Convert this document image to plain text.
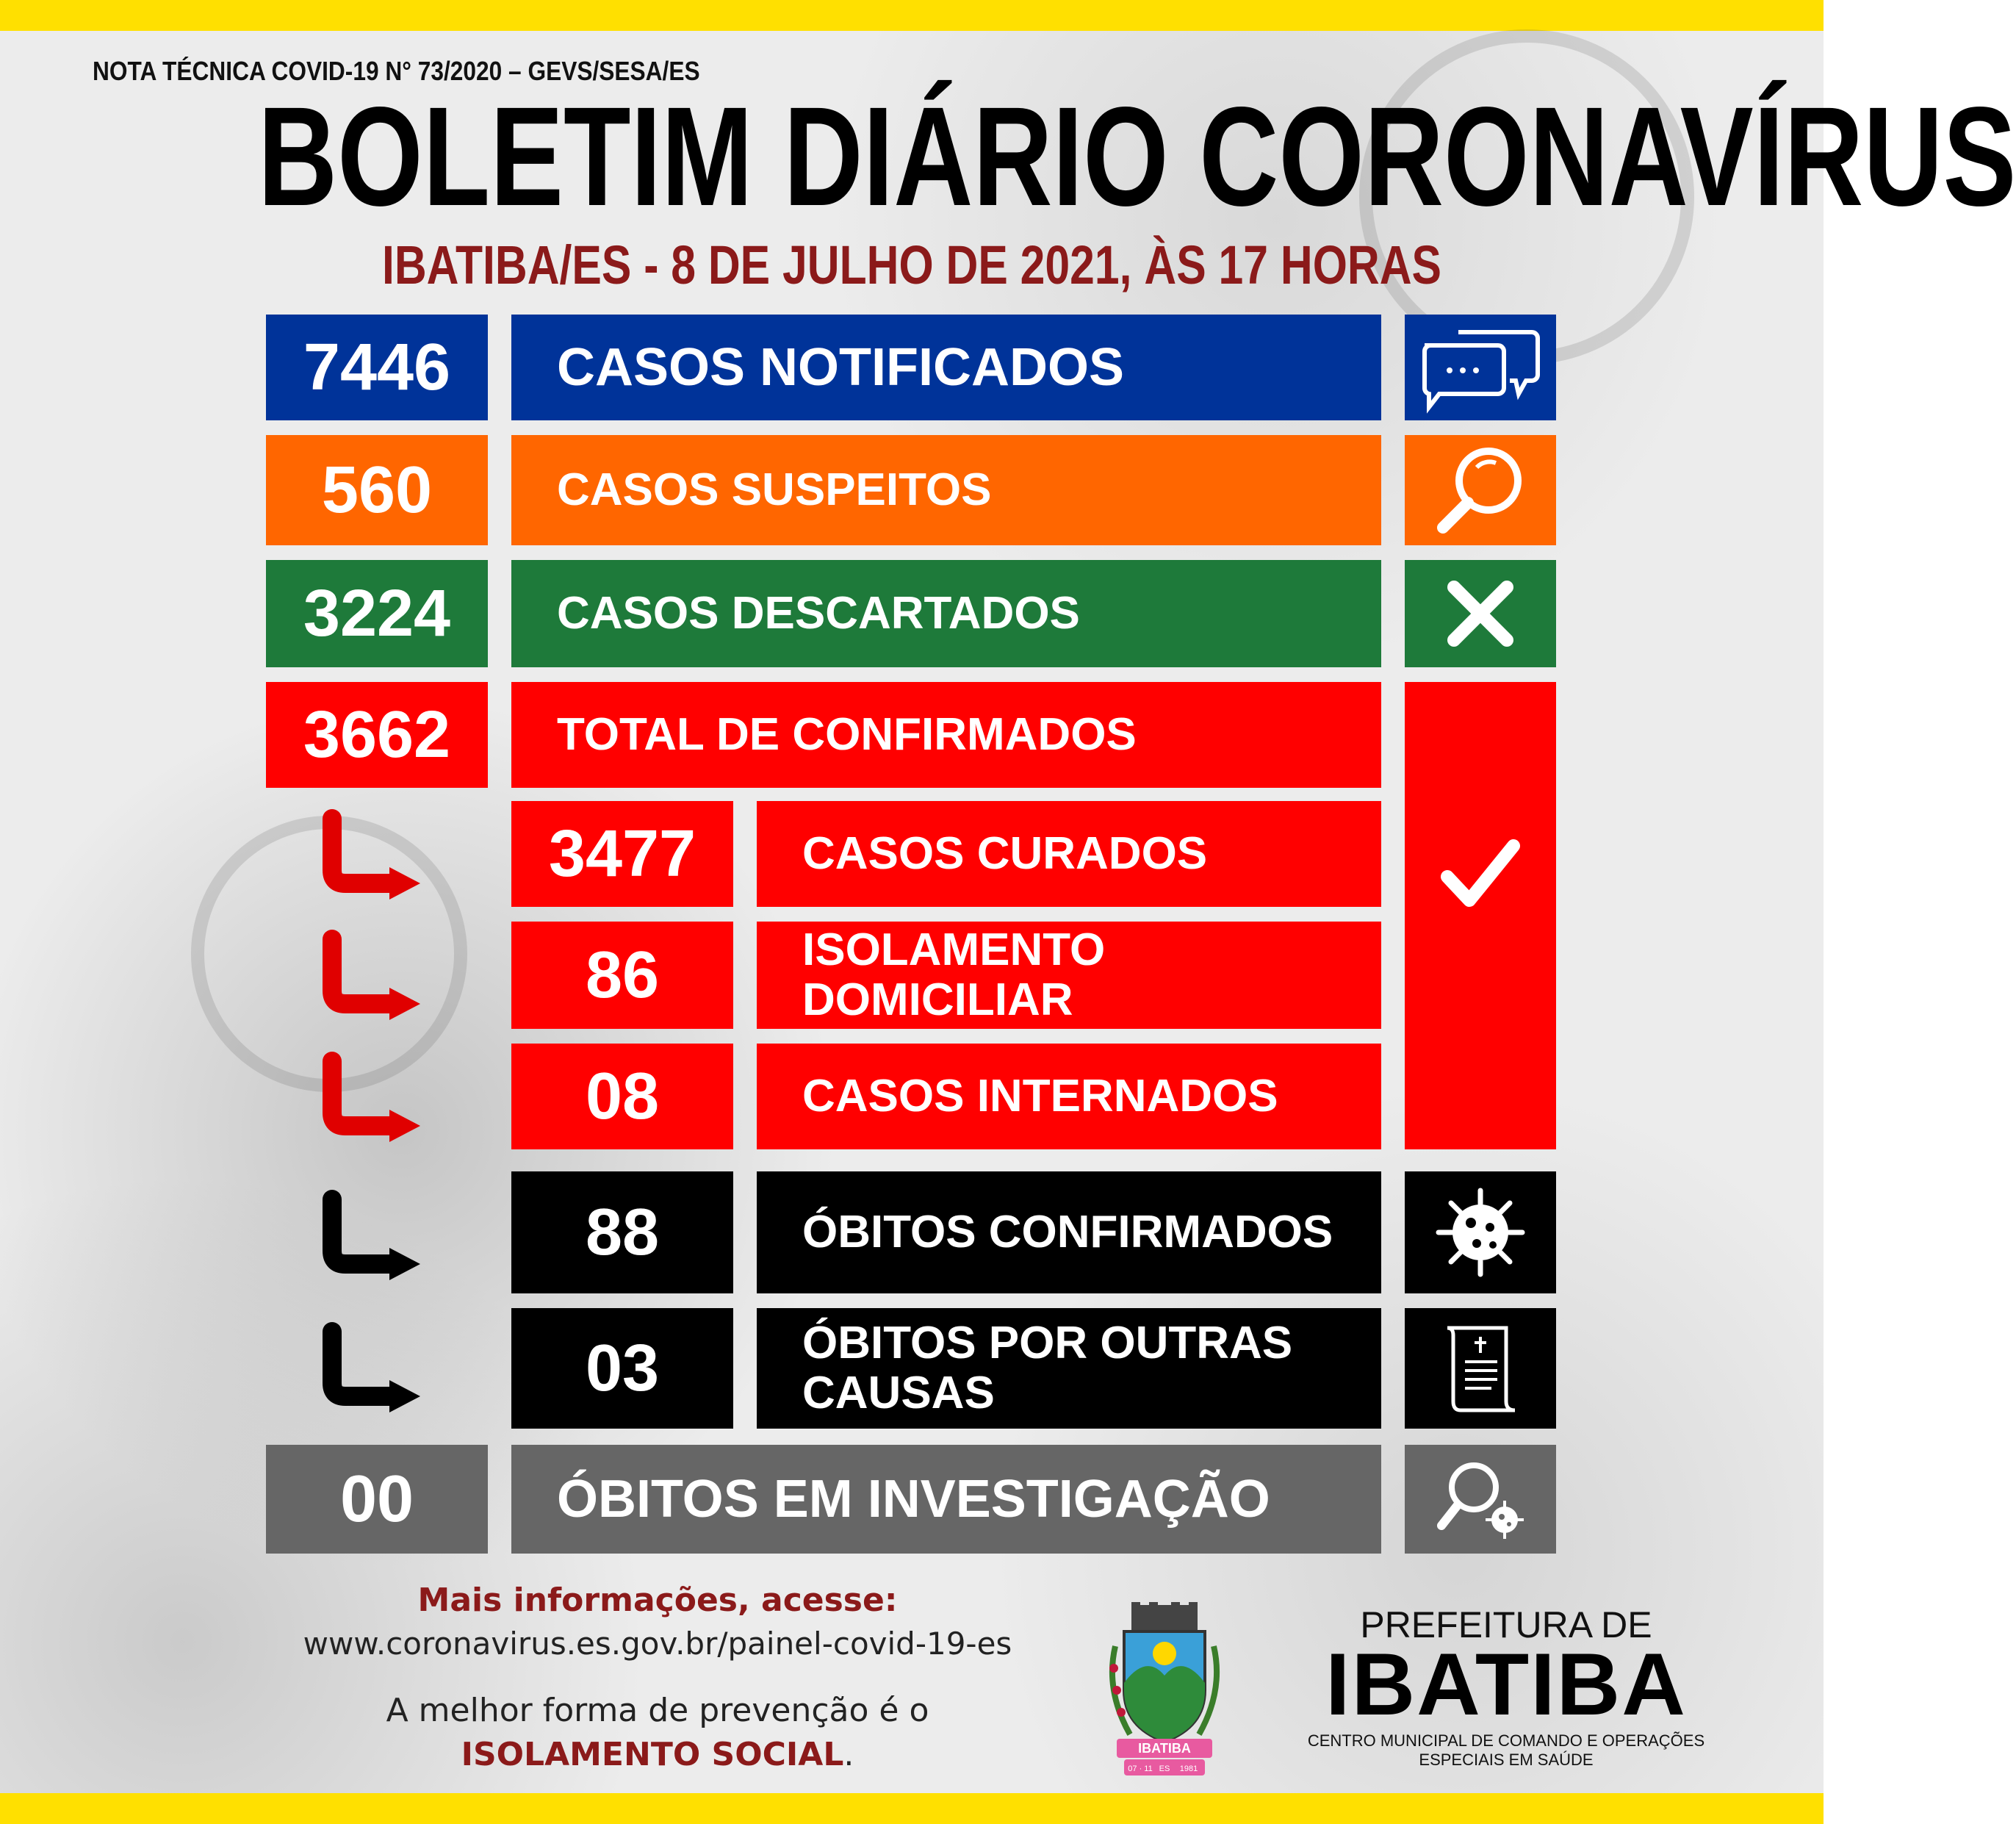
NOTA TÉCNICA COVID-19 N° 73/2020 – GEVS/SESA/ES
BOLETIM DIÁRIO CORONAVÍRUS
IBATIBA/ES - 8 DE JULHO DE 2021, ÀS 17 HORAS
7446	CASOS NOTIFICADOS
560	CASOS SUSPEITOS
3224	CASOS DESCARTADOS
3662	TOTAL DE CONFIRMADOS
3477	CASOS CURADOS
86	ISOLAMENTO DOMICILIAR
08	CASOS INTERNADOS
88	ÓBITOS CONFIRMADOS
03	ÓBITOS POR OUTRAS
CAUSAS
00	ÓBITOS EM INVESTIGAÇÃO
Mais informações, acesse:
www.coronavirus.es.gov.br/painel-covid-19-es
A melhor forma de prevenção é o
ISOLAMENTO SOCIAL.	IBATIBA
07 · 11 ES 1981
PREFEITURA DE
IBATIBA
CENTRO MUNICIPAL DE COMANDO E OPERAÇÕES
ESPECIAIS EM SAÚDE
